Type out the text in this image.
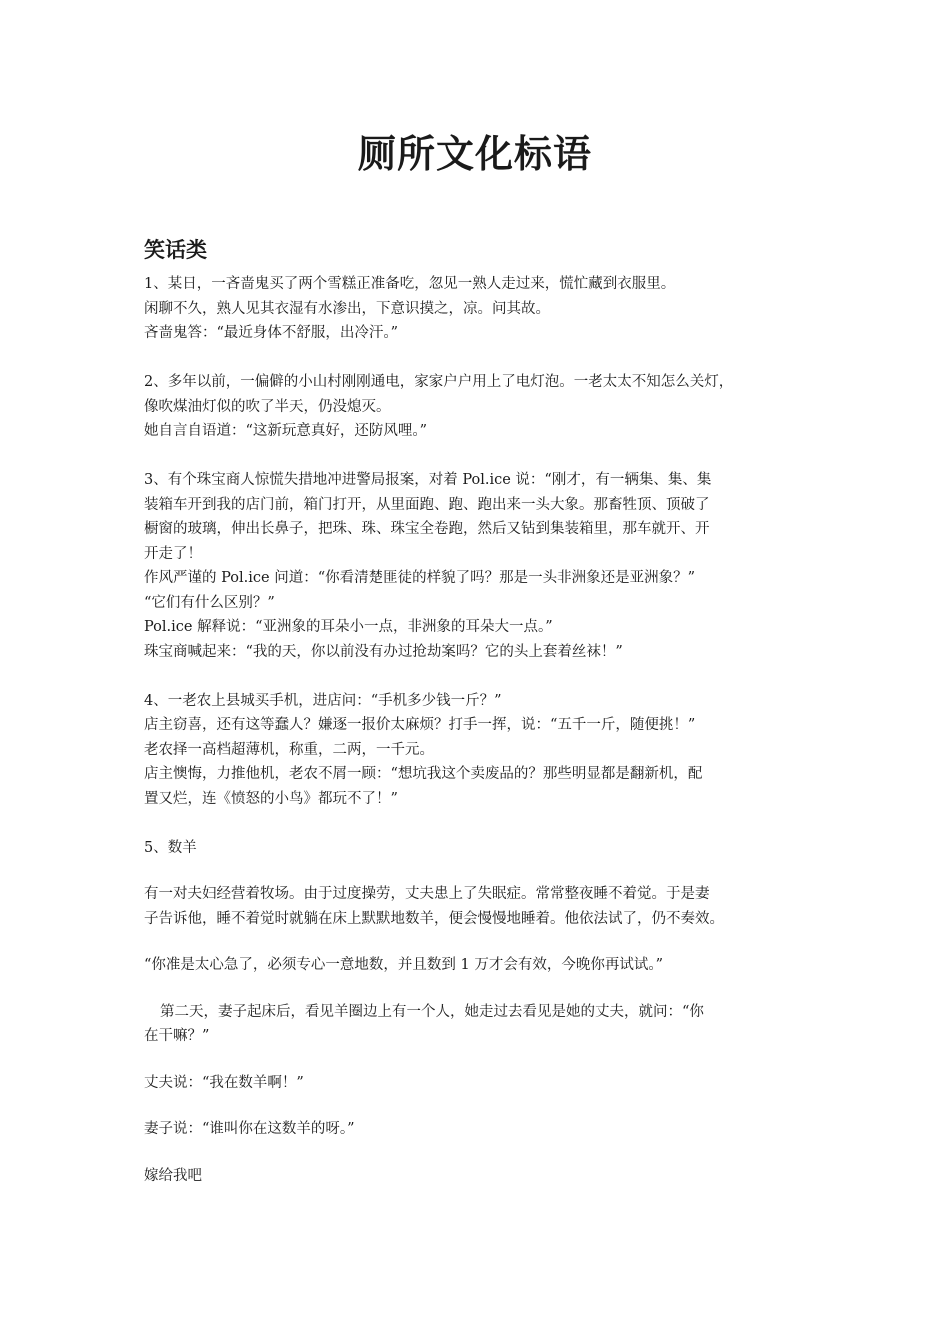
厕所文化标语
笑话类
1、某日，一吝啬鬼买了两个雪糕正准备吃，忽见一熟人走过来，慌忙藏到衣服里。
闲聊不久，熟人见其衣湿有水渗出，下意识摸之，凉。问其故。
吝啬鬼答：“最近身体不舒服，出冷汗。”
2、多年以前，一偏僻的小山村刚刚通电，家家户户用上了电灯泡。一老太太不知怎么关灯，
像吹煤油灯似的吹了半天，仍没熄灭。
她自言自语道：“这新玩意真好，还防风哩。”
3、有个珠宝商人惊慌失措地冲进警局报案，对着 Pol.ice 说：“刚才，有一辆集、集、集
装箱车开到我的店门前，箱门打开，从里面跑、跑、跑出来一头大象。那畜牲顶、顶破了
橱窗的玻璃，伸出长鼻子，把珠、珠、珠宝全卷跑，然后又钻到集装箱里，那车就开、开
开走了！
作风严谨的 Pol.ice 问道：“你看清楚匪徒的样貌了吗？那是一头非洲象还是亚洲象？”
“它们有什么区别？”
Pol.ice 解释说：“亚洲象的耳朵小一点，非洲象的耳朵大一点。”
珠宝商喊起来：“我的天，你以前没有办过抢劫案吗？它的头上套着丝袜！”
4、一老农上县城买手机，进店问：“手机多少钱一斤？”
店主窃喜，还有这等蠢人？嫌逐一报价太麻烦？打手一挥，说：“五千一斤，随便挑！”
老农择一高档超薄机，称重，二两，一千元。
店主懊悔，力推他机，老农不屑一顾：“想坑我这个卖废品的？那些明显都是翻新机，配
置又烂，连《愤怒的小鸟》都玩不了！”
5、数羊
有一对夫妇经营着牧场。由于过度操劳，丈夫患上了失眠症。常常整夜睡不着觉。于是妻
子告诉他，睡不着觉时就躺在床上默默地数羊，便会慢慢地睡着。他依法试了，仍不奏效。
“你准是太心急了，必须专心一意地数，并且数到 1 万才会有效，今晚你再试试。”
第二天，妻子起床后，看见羊圈边上有一个人，她走过去看见是她的丈夫，就问：“你
在干嘛？”
丈夫说：“我在数羊啊！”
妻子说：“谁叫你在这数羊的呀。”
嫁给我吧
